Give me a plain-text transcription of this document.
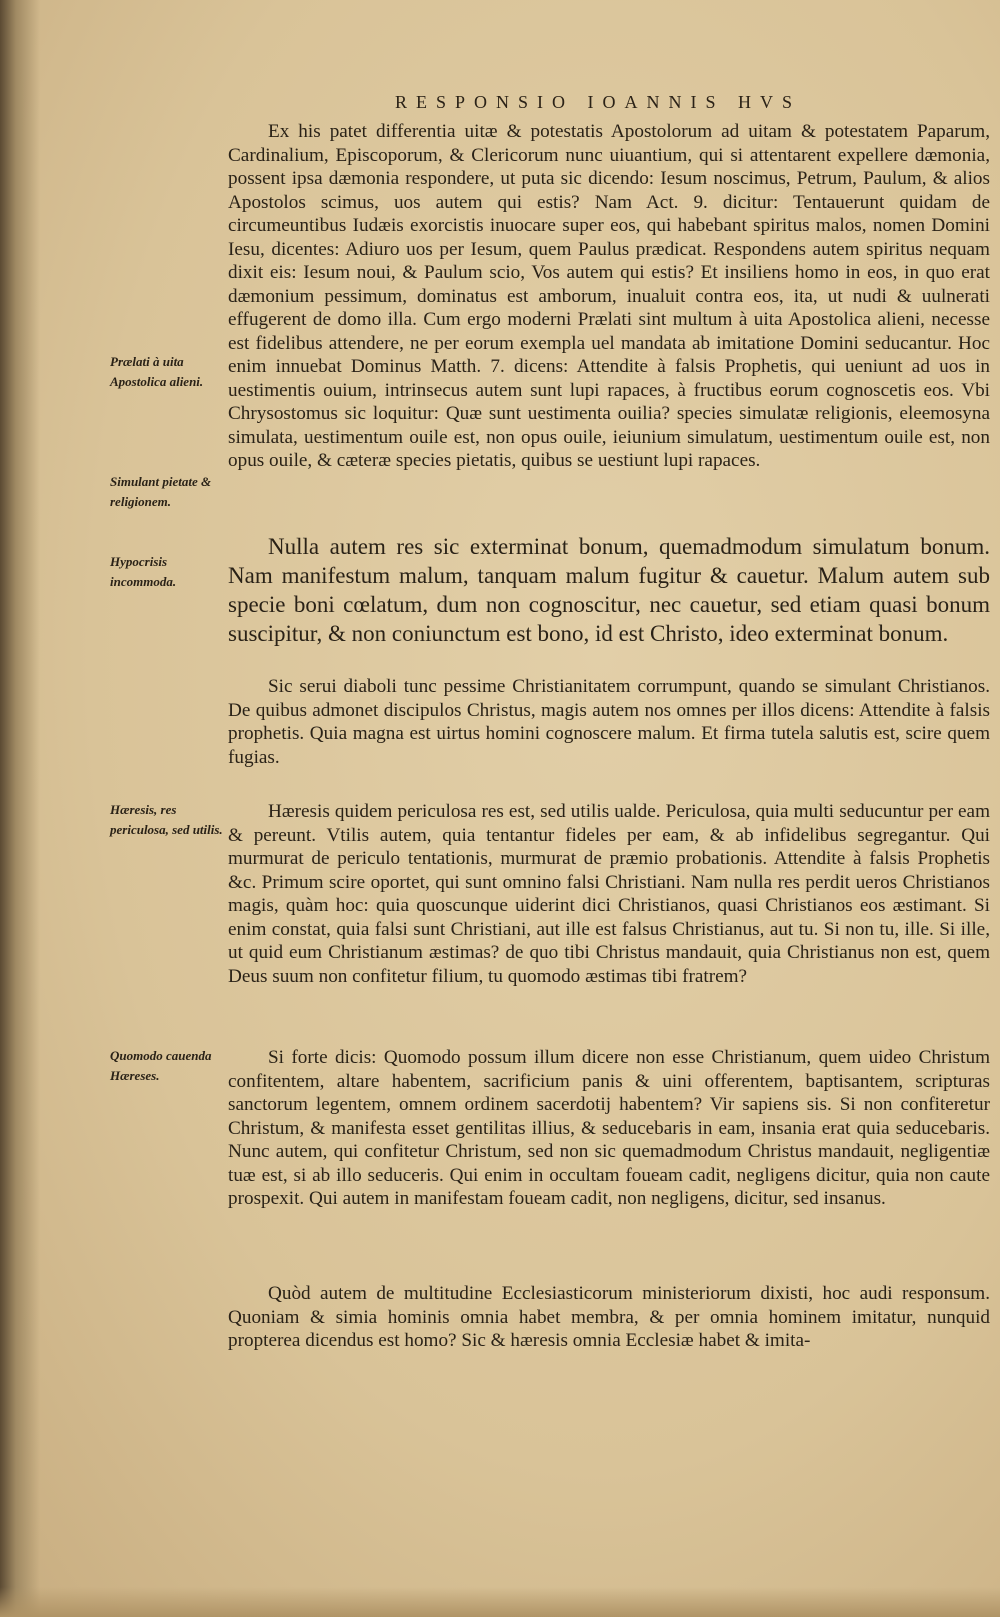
RESPONSIO IOANNIS HVS
Prælati à uita Apostolica alieni.
Simulant pietate & religionem.
Hypocrisis incommoda.
Hæresis, res periculosa, sed utilis.
Quomodo cauenda Hæreses.

Ex his patet differentia uitæ & potestatis Apostolorum ad uitam & potestatem Paparum, Cardinalium, Episcoporum, & Clericorum nunc uiuantium, qui si attentarent expellere dæmonia, possent ipsa dæmonia respondere, ut puta sic dicendo: Iesum noscimus, Petrum, Paulum, & alios Apostolos scimus, uos autem qui estis? Nam Act. 9. dicitur: Tentauerunt quidam de circumeuntibus Iudæis exorcistis inuocare super eos, qui habebant spiritus malos, nomen Domini Iesu, dicentes: Adiuro uos per Iesum, quem Paulus prædicat. Respondens autem spiritus nequam dixit eis: Iesum noui, & Paulum scio, Vos autem qui estis? Et insiliens homo in eos, in quo erat dæmonium pessimum, dominatus est amborum, inualuit contra eos, ita, ut nudi & uulnerati effugerent de domo illa. Cum ergo moderni Prælati sint multum à uita Apostolica alieni, necesse est fidelibus attendere, ne per eorum exempla uel mandata ab imitatione Domini seducantur. Hoc enim innuebat Dominus Matth. 7. dicens: Attendite à falsis Prophetis, qui ueniunt ad uos in uestimentis ouium, intrinsecus autem sunt lupi rapaces, à fructibus eorum cognoscetis eos. Vbi Chrysostomus sic loquitur: Quæ sunt uestimenta ouilia? species simulatæ religionis, eleemosyna simulata, uestimentum ouile est, non opus ouile, ieiunium simulatum, uestimentum ouile est, non opus ouile, & cæteræ species pietatis, quibus se uestiunt lupi rapaces.

Nulla autem res sic exterminat bonum, quemadmodum simulatum bonum. Nam manifestum malum, tanquam malum fugitur & cauetur. Malum autem sub specie boni cœlatum, dum non cognoscitur, nec cauetur, sed etiam quasi bonum suscipitur, & non coniunctum est bono, id est Christo, ideo exterminat bonum.

Sic serui diaboli tunc pessime Christianitatem corrumpunt, quando se simulant Christianos. De quibus admonet discipulos Christus, magis autem nos omnes per illos dicens: Attendite à falsis prophetis. Quia magna est uirtus homini cognoscere malum. Et firma tutela salutis est, scire quem fugias.

Hæresis quidem periculosa res est, sed utilis ualde. Periculosa, quia multi seducuntur per eam & pereunt. Vtilis autem, quia tentantur fideles per eam, & ab infidelibus segregantur. Qui murmurat de periculo tentationis, murmurat de præmio probationis. Attendite à falsis Prophetis &c. Primum scire oportet, qui sunt omnino falsi Christiani. Nam nulla res perdit ueros Christianos magis, quàm hoc: quia quoscunque uiderint dici Christianos, quasi Christianos eos æstimant. Si enim constat, quia falsi sunt Christiani, aut ille est falsus Christianus, aut tu. Si non tu, ille. Si ille, ut quid eum Christianum æstimas? de quo tibi Christus mandauit, quia Christianus non est, quem Deus suum non confitetur filium, tu quomodo æstimas tibi fratrem?

Si forte dicis: Quomodo possum illum dicere non esse Christianum, quem uideo Christum confitentem, altare habentem, sacrificium panis & uini offerentem, baptisantem, scripturas sanctorum legentem, omnem ordinem sacerdotij habentem? Vir sapiens sis. Si non confiteretur Christum, & manifesta esset gentilitas illius, & seducebaris in eam, insania erat quia seducebaris. Nunc autem, qui confitetur Christum, sed non sic quemadmodum Christus mandauit, negligentiæ tuæ est, si ab illo seduceris. Qui enim in occultam foueam cadit, negligens dicitur, quia non caute prospexit. Qui autem in manifestam foueam cadit, non negligens, dicitur, sed insanus.

Quòd autem de multitudine Ecclesiasticorum ministeriorum dixisti, hoc audi responsum. Quoniam & simia hominis omnia habet membra, & per omnia hominem imitatur, nunquid propterea dicendus est homo? Sic & hæresis omnia Ecclesiæ habet & imita-
